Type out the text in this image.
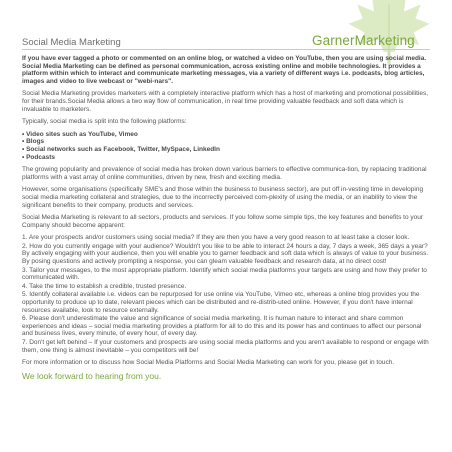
GarnerMarketing
Social Media Marketing

If you have ever tagged a photo or commented on an online blog, or watched a video on YouTube, then you are using social media. Social Media Marketing can be defined as personal communication, across existing online and mobile technologies. It provides a platform within which to interact and communicate marketing messages, via a variety of different ways i.e. podcasts, blog articles, images and video to live webcast or "webi-nars".

Social Media Marketing provides marketers with a completely interactive platform which has a host of marketing and promotional possibilities, for their brands.Social Media allows a two way flow of communication, in real time providing valuable feedback and soft data which is invaluable to marketers.

Typically, social media is split into the following platforms:

• Video sites such as YouTube, Vimeo
• Blogs
• Social networks such as Facebook, Twitter, MySpace, LinkedIn
• Podcasts

The growing popularity and prevalence of social media has broken down various barriers to effective communica-tion, by replacing traditional platforms with a vast array of online communities, driven by new, fresh and exciting media.

However, some organisations (specifically SME's and those within the business to business sector), are put off in-vesting time in developing social media marketing collateral and strategies, due to the incorrectly perceived com-plexity of using the media, or an inability to view the significant benefits to their company, products and services.

Social Media Marketing is relevant to all sectors, products and services. If you follow some simple tips, the key features and benefits to your Company should become apparent:

1. Are your prospects and/or customers using social media? If they are then you have a very good reason to at least take a closer look.
2. How do you currently engage with your audience? Wouldn't you like to be able to interact 24 hours a day, 7 days a week, 365 days a year? By actively engaging with your audience, then you will enable you to garner feedback and soft data which is always of value to your business. By posing questions and actively prompting a response, you can gleam valuable feedback and research data, at no direct cost!
3. Tailor your messages, to the most appropriate platform. Identify which social media platforms your targets are using and how they prefer to communicated with.
4. Take the time to establish a credible, trusted presence.
5. Identify collateral available i.e. videos can be repurposed for use online via YouTube, Vimeo etc, whereas a online blog provides you the opportunity to produce up to date, relevant pieces which can be distributed and re-distrib-uted online. However, if you don't have internal resources available, look to resource externally.
6. Please don't underestimate the value and significance of social media marketing. It is human nature to interact and share common experiences and ideas – social media marketing provides a platform for all to do this and its power has and continues to affect our personal and business lives, every minute, of every hour, of every day.
7. Don't get left behind – If your customers and prospects are using social media platforms and you aren't available to respond or engage with them, one thing is almost inevitable – you competitors will be!

For more information or to discuss how Social Media Platforms and Social Media Marketing can work for you, please get in touch.

We look forward to hearing from you.
